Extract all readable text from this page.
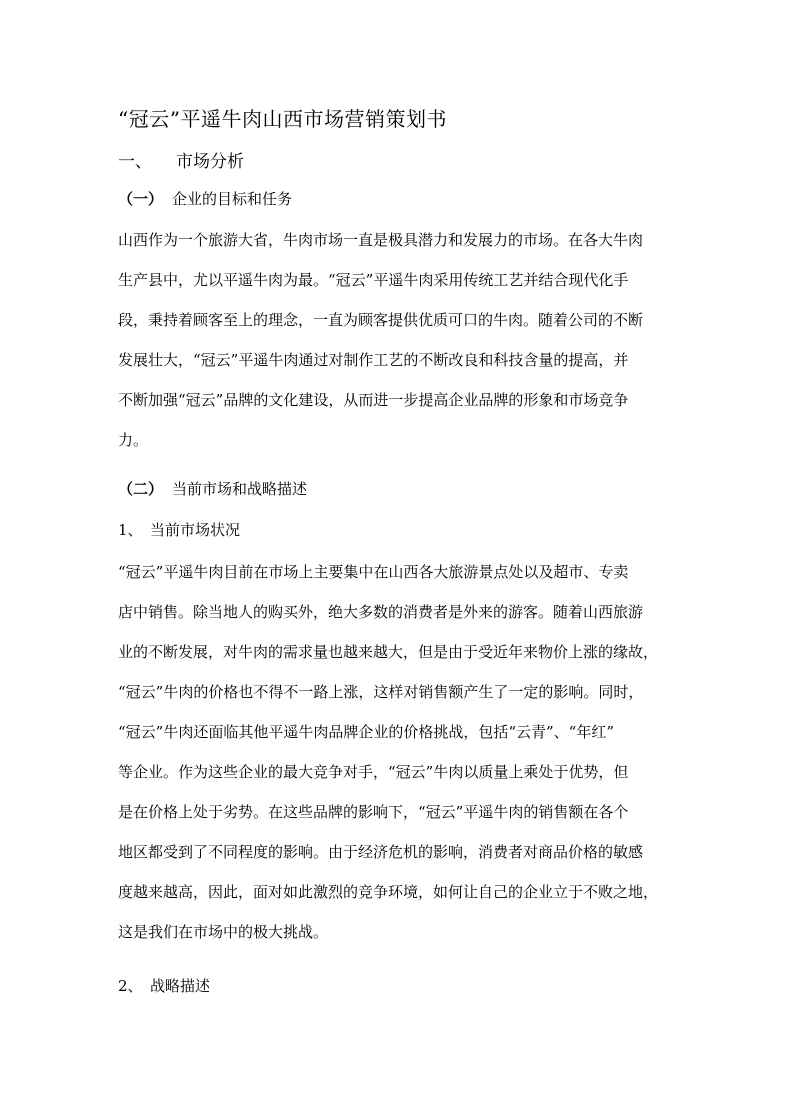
“冠云”平遥牛肉山西市场营销策划书
一、 市场分析
（一） 企业的目标和任务
山西作为一个旅游大省，牛肉市场一直是极具潜力和发展力的市场。在各大牛肉
生产县中，尤以平遥牛肉为最。“冠云”平遥牛肉采用传统工艺并结合现代化手
段，秉持着顾客至上的理念，一直为顾客提供优质可口的牛肉。随着公司的不断
发展壮大，“冠云”平遥牛肉通过对制作工艺的不断改良和科技含量的提高，并
不断加强“冠云”品牌的文化建设，从而进一步提高企业品牌的形象和市场竞争
力。
（二） 当前市场和战略描述
1、 当前市场状况
“冠云”平遥牛肉目前在市场上主要集中在山西各大旅游景点处以及超市、专卖
店中销售。除当地人的购买外，绝大多数的消费者是外来的游客。随着山西旅游
业的不断发展，对牛肉的需求量也越来越大，但是由于受近年来物价上涨的缘故，
“冠云”牛肉的价格也不得不一路上涨，这样对销售额产生了一定的影响。同时，
“冠云”牛肉还面临其他平遥牛肉品牌企业的价格挑战，包括“云青”、“年红”
等企业。作为这些企业的最大竞争对手，“冠云”牛肉以质量上乘处于优势，但
是在价格上处于劣势。在这些品牌的影响下，“冠云”平遥牛肉的销售额在各个
地区都受到了不同程度的影响。由于经济危机的影响，消费者对商品价格的敏感
度越来越高，因此，面对如此激烈的竞争环境，如何让自己的企业立于不败之地，
这是我们在市场中的极大挑战。
2、 战略描述
